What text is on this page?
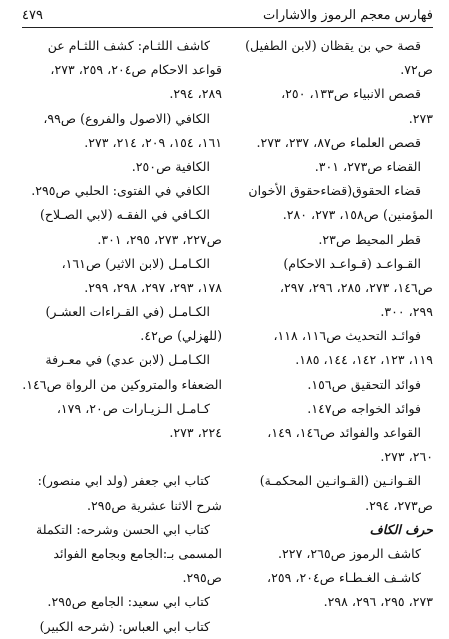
فهارس معجم الرموز والاشارات
٤٧٩
قصة حي بن يقظان (لابن الطفيل)
ص٧٢.
قصص الانبياء ص١٣٣، ٢٥٠،
٢٧٣.
قصص العلماء ص٨٧، ٢٣٧، ٢٧٣.
القضاء ص٢٧٣، ٣٠١.
قضاء الحقوق(قضاءحقوق الأخوان
المؤمنين) ص١٥٨، ٢٧٣، ٢٨٠.
قطر المحيط ص٢٣.
القـواعـد (قـواعـد الاحكام)
ص١٤٦، ٢٧٣، ٢٨٥، ٢٩٦، ٢٩٧،
٢٩٩، ٣٠٠.
فوائـد التحديث ص١١٦، ١١٨،
١١٩، ١٢٣، ١٤٢، ١٤٤، ١٨٥.
فوائد التحقيق ص١٥٦.
فوائد الخواجه ص١٤٧.
القواعد والفوائد ص١٤٦، ١٤٩،
٢٦٠، ٢٧٣.
القـوانـين (القـوانـين المحكمـة)
ص٢٧٣، ٢٩٤.
حرف الكاف
كاشف الرموز ص٢٦٥، ٢٢٧.
كاشـف الغـطـاء ص٢٠٤، ٢٥٩،
٢٧٣، ٢٩٥، ٢٩٦، ٢٩٨.
كاشف اللثـام: كشف اللثـام عن
قواعد الاحكام ص٢٠٤، ٢٥٩، ٢٧٣،
٢٨٩، ٢٩٤.
الكافي (الاصول والفروع) ص٩٩،
١٦١، ١٥٤، ٢٠٩، ٢١٤، ٢٧٣.
الكافية ص٢٥٠.
الكافي في الفتوى: الحلبي ص٢٩٥.
الكـافي في الفقـه (لابي الصـلاح)
ص٢٢٧، ٢٧٣، ٢٩٥، ٣٠١.
الكـامـل (لابن الاثير) ص١٦١،
١٧٨، ٢٩٣، ٢٩٧، ٢٩٨، ٢٩٩.
الكـامـل (في القـراءات العشـر)
(للهزلي) ص٤٢.
الكـامـل (لابن عدي) في معـرفة
الضعفاء والمتروكين من الرواة ص١٤٦.
كـامـل الـزيـارات ص٢٠، ١٧٩،
٢٢٤، ٢٧٣.
كتاب ابي جعفر (ولد ابي منصور):
شرح الاثنا عشرية ص٢٩٥.
كتاب ابي الحسن وشرحه: التكملة
المسمى بـ:الجامع وبجامع الفوائد
ص٢٩٥.
كتاب ابي سعيد: الجامع ص٢٩٥.
كتاب ابي العباس: (شرحه الكبير)
